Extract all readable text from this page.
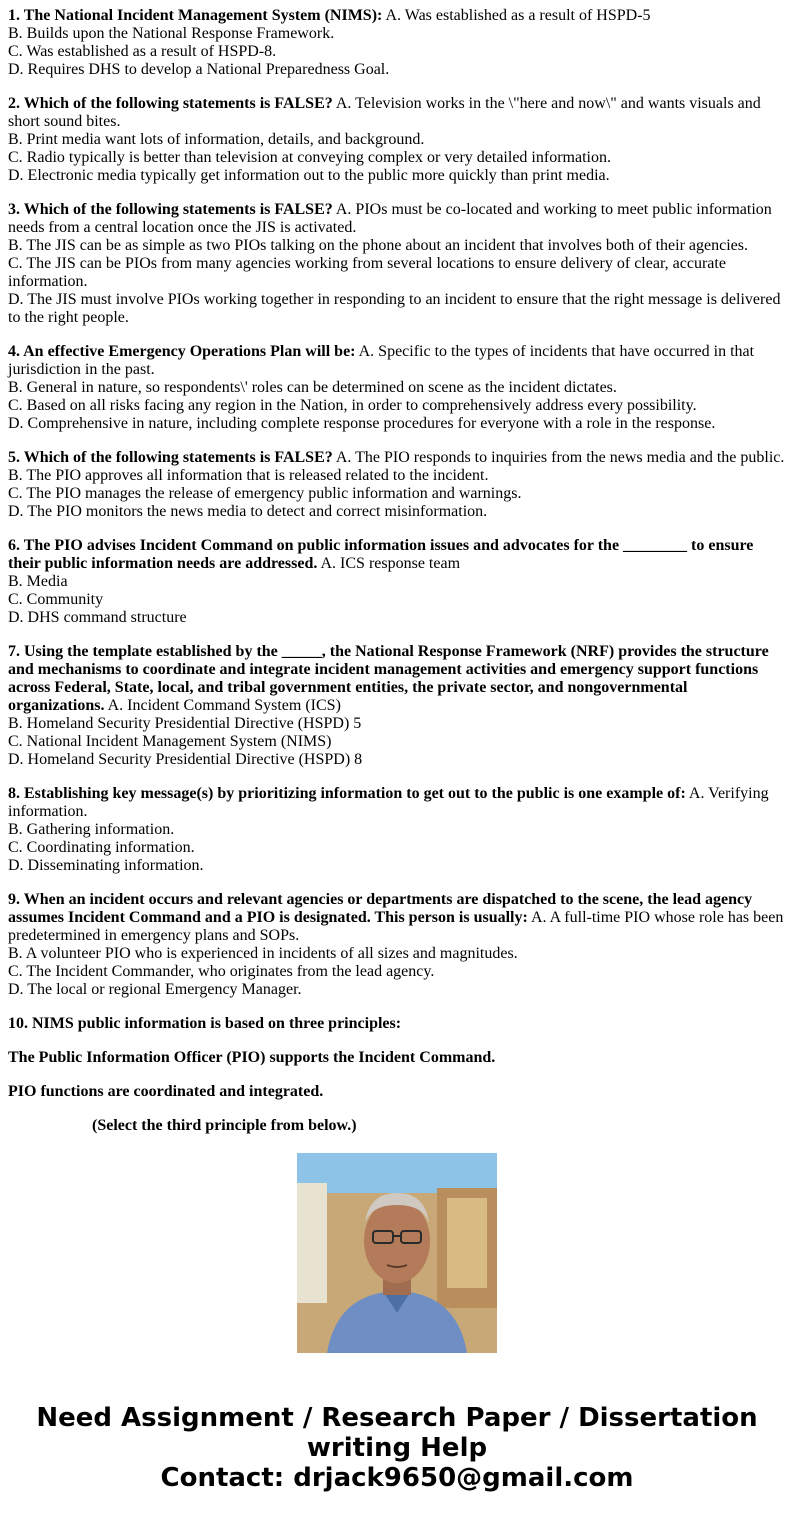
1. The National Incident Management System (NIMS): A. Was established as a result of HSPD-5
B. Builds upon the National Response Framework.
C. Was established as a result of HSPD-8.
D. Requires DHS to develop a National Preparedness Goal.
2. Which of the following statements is FALSE? A. Television works in the \"here and now\" and wants visuals and short sound bites.
B. Print media want lots of information, details, and background.
C. Radio typically is better than television at conveying complex or very detailed information.
D. Electronic media typically get information out to the public more quickly than print media.
3. Which of the following statements is FALSE? A. PIOs must be co-located and working to meet public information needs from a central location once the JIS is activated.
B. The JIS can be as simple as two PIOs talking on the phone about an incident that involves both of their agencies.
C. The JIS can be PIOs from many agencies working from several locations to ensure delivery of clear, accurate information.
D. The JIS must involve PIOs working together in responding to an incident to ensure that the right message is delivered to the right people.
4. An effective Emergency Operations Plan will be: A. Specific to the types of incidents that have occurred in that jurisdiction in the past.
B. General in nature, so respondents\' roles can be determined on scene as the incident dictates.
C. Based on all risks facing any region in the Nation, in order to comprehensively address every possibility.
D. Comprehensive in nature, including complete response procedures for everyone with a role in the response.
5. Which of the following statements is FALSE? A. The PIO responds to inquiries from the news media and the public.
B. The PIO approves all information that is released related to the incident.
C. The PIO manages the release of emergency public information and warnings.
D. The PIO monitors the news media to detect and correct misinformation.
6. The PIO advises Incident Command on public information issues and advocates for the ________ to ensure their public information needs are addressed. A. ICS response team
B. Media
C. Community
D. DHS command structure
7. Using the template established by the _____, the National Response Framework (NRF) provides the structure and mechanisms to coordinate and integrate incident management activities and emergency support functions across Federal, State, local, and tribal government entities, the private sector, and nongovernmental organizations. A. Incident Command System (ICS)
B. Homeland Security Presidential Directive (HSPD) 5
C. National Incident Management System (NIMS)
D. Homeland Security Presidential Directive (HSPD) 8
8. Establishing key message(s) by prioritizing information to get out to the public is one example of: A. Verifying information.
B. Gathering information.
C. Coordinating information.
D. Disseminating information.
9. When an incident occurs and relevant agencies or departments are dispatched to the scene, the lead agency assumes Incident Command and a PIO is designated. This person is usually: A. A full-time PIO whose role has been predetermined in emergency plans and SOPs.
B. A volunteer PIO who is experienced in incidents of all sizes and magnitudes.
C. The Incident Commander, who originates from the lead agency.
D. The local or regional Emergency Manager.
10. NIMS public information is based on three principles:
The Public Information Officer (PIO) supports the Incident Command.
PIO functions are coordinated and integrated.
(Select the third principle from below.)
Need Assignment / Research Paper / Dissertation
writing Help
Contact: drjack9650@gmail.com
